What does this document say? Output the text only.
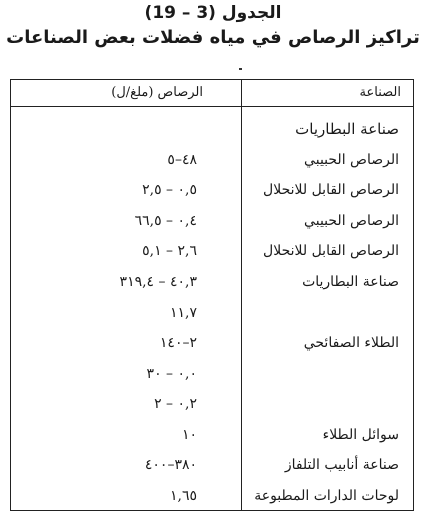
الجدول (3 – 19)
تراكيز الرصاص في مياه فضلات بعض الصناعات
الصناعة
الرصاص (ملغ/ل)
صناعة البطاريات
الرصاص الحبيبي
٤٨–٥
الرصاص القابل للانحلال
٠,٥ – ٢,٥
الرصاص الحبيبي
٠,٤ – ٦٦,٥
الرصاص القابل للانحلال
٢,٦ – ٥,١
صناعة البطاريات
٤٠,٣ – ٣١٩,٤
١١,٧
الطلاء الصفائحي
٢–١٤٠
٠,٠ – ٣٠
٠,٢ – ٢
سوائل الطلاء
١٠
صناعة أنابيب التلفاز
٣٨٠–٤٠٠
لوحات الدارات المطبوعة
١,٦٥
